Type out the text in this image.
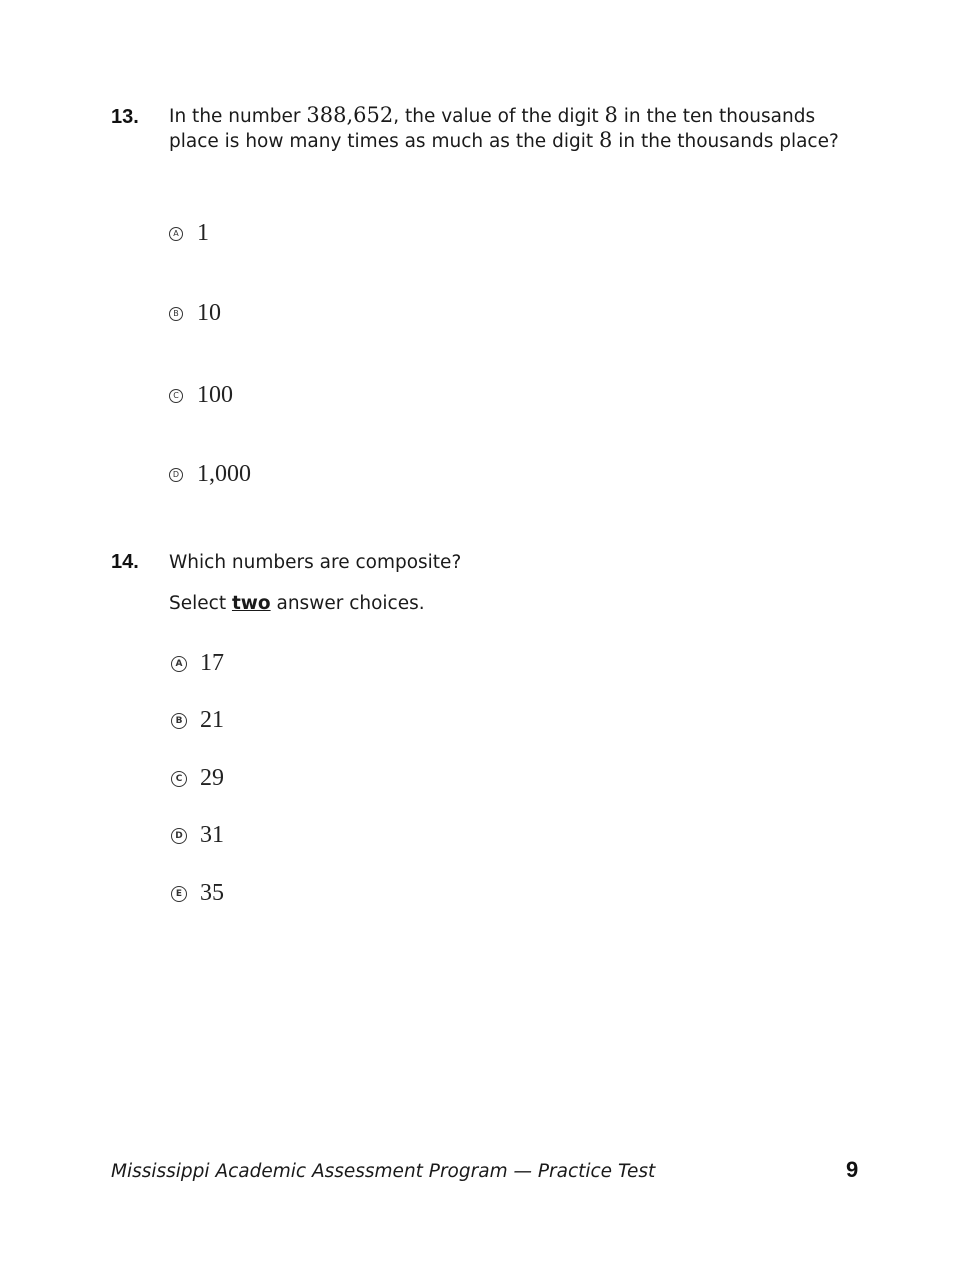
13. In the number 388,652, the value of the digit 8 in the ten thousands place is how many times as much as the digit 8 in the thousands place?
A 1
B 10
C 100
D 1,000
14. Which numbers are composite?
Select two answer choices.
A 17
B 21
C 29
D 31
E 35
Mississippi Academic Assessment Program — Practice Test	9
